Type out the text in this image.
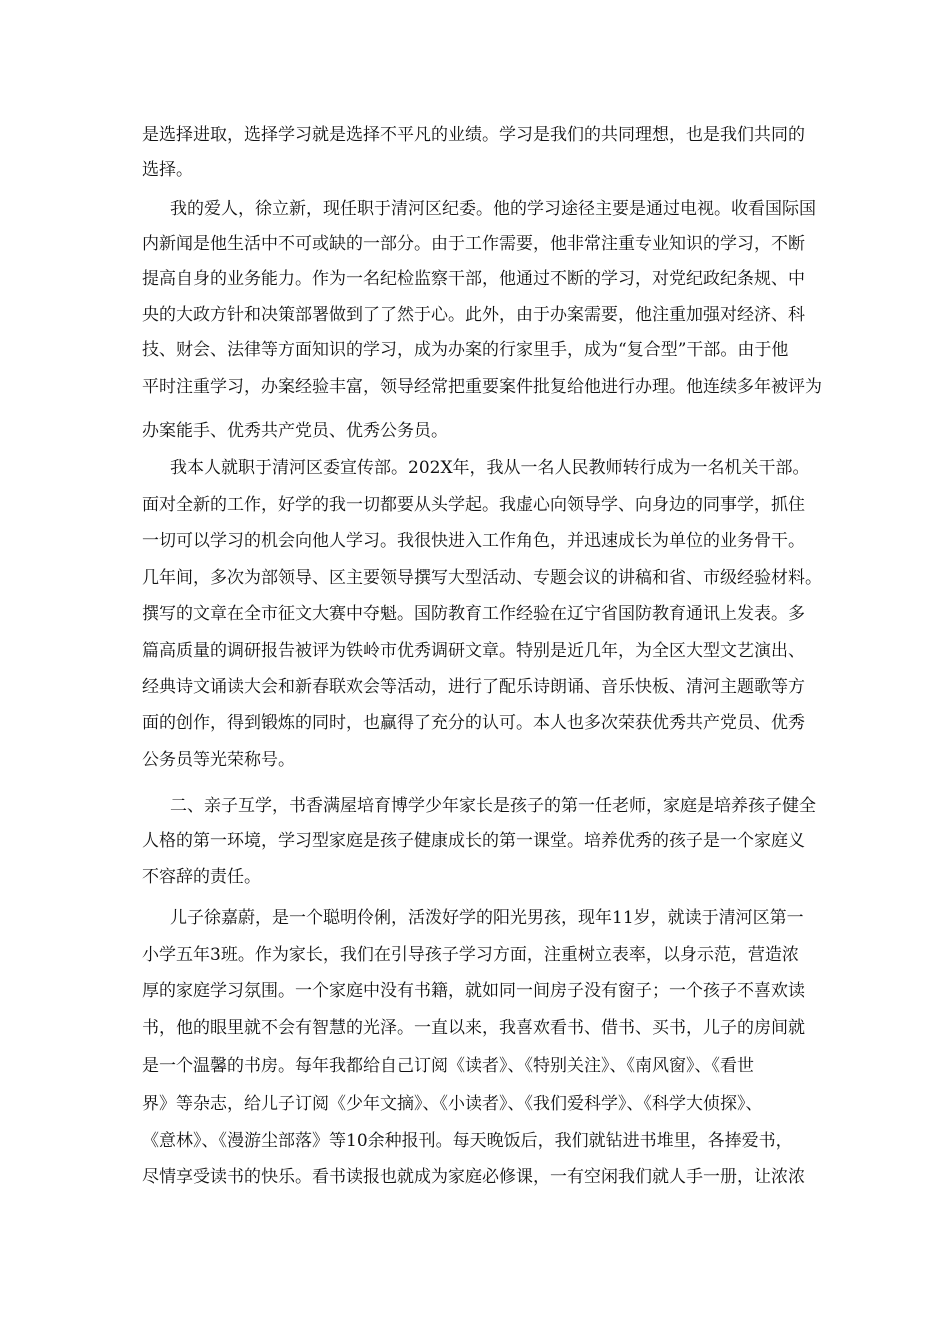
是选择进取，选择学习就是选择不平凡的业绩。学习是我们的共同理想，也是我们共同的
选择。
我的爱人，徐立新，现任职于清河区纪委。他的学习途径主要是通过电视。收看国际国
内新闻是他生活中不可或缺的一部分。由于工作需要，他非常注重专业知识的学习，不断
提高自身的业务能力。作为一名纪检监察干部，他通过不断的学习，对党纪政纪条规、中
央的大政方针和决策部署做到了了然于心。此外，由于办案需要，他注重加强对经济、科
技、财会、法律等方面知识的学习，成为办案的行家里手，成为“复合型”干部。由于他
平时注重学习，办案经验丰富，领导经常把重要案件批复给他进行办理。他连续多年被评为
办案能手、优秀共产党员、优秀公务员。
我本人就职于清河区委宣传部。202X年，我从一名人民教师转行成为一名机关干部。
面对全新的工作，好学的我一切都要从头学起。我虚心向领导学、向身边的同事学，抓住
一切可以学习的机会向他人学习。我很快进入工作角色，并迅速成长为单位的业务骨干。
几年间，多次为部领导、区主要领导撰写大型活动、专题会议的讲稿和省、市级经验材料。
撰写的文章在全市征文大赛中夺魁。国防教育工作经验在辽宁省国防教育通讯上发表。多
篇高质量的调研报告被评为铁岭市优秀调研文章。特别是近几年，为全区大型文艺演出、
经典诗文诵读大会和新春联欢会等活动，进行了配乐诗朗诵、音乐快板、清河主题歌等方
面的创作，得到锻炼的同时，也赢得了充分的认可。本人也多次荣获优秀共产党员、优秀
公务员等光荣称号。
二、亲子互学，书香满屋培育博学少年家长是孩子的第一任老师，家庭是培养孩子健全
人格的第一环境，学习型家庭是孩子健康成长的第一课堂。培养优秀的孩子是一个家庭义
不容辞的责任。
儿子徐嘉蔚，是一个聪明伶俐，活泼好学的阳光男孩，现年11岁，就读于清河区第一
小学五年3班。作为家长，我们在引导孩子学习方面，注重树立表率，以身示范，营造浓
厚的家庭学习氛围。一个家庭中没有书籍，就如同一间房子没有窗子；一个孩子不喜欢读
书，他的眼里就不会有智慧的光泽。一直以来，我喜欢看书、借书、买书，儿子的房间就
是一个温馨的书房。每年我都给自己订阅《读者》、《特别关注》、《南风窗》、《看世
界》等杂志，给儿子订阅《少年文摘》、《小读者》、《我们爱科学》、《科学大侦探》、
《意林》、《漫游尘部落》等10余种报刊。每天晚饭后，我们就钻进书堆里，各捧爱书，
尽情享受读书的快乐。看书读报也就成为家庭必修课，一有空闲我们就人手一册，让浓浓
